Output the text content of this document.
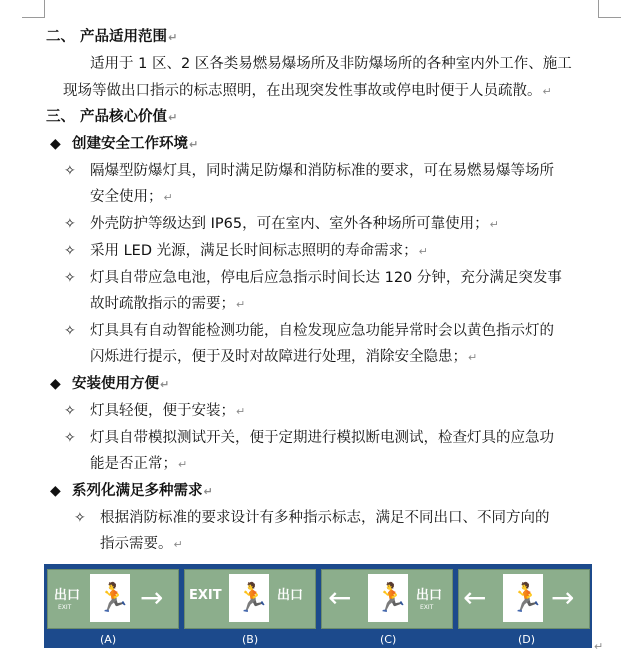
二、 产品适用范围↵
适用于 1 区、2 区各类易燃易爆场所及非防爆场所的各种室内外工作、施工
现场等做出口指示的标志照明，在出现突发性事故或停电时便于人员疏散。↵
三、 产品核心价值↵
◆ 创建安全工作环境↵
✧ 隔爆型防爆灯具，同时满足防爆和消防标准的要求，可在易燃易爆等场所
安全使用；↵
✧ 外壳防护等级达到 IP65，可在室内、室外各种场所可靠使用；↵
✧ 采用 LED 光源，满足长时间标志照明的寿命需求；↵
✧ 灯具自带应急电池，停电后应急指示时间长达 120 分钟，充分满足突发事
故时疏散指示的需要；↵
✧ 灯具具有自动智能检测功能，自检发现应急功能异常时会以黄色指示灯的
闪烁进行提示，便于及时对故障进行处理，消除安全隐患；↵
◆ 安装使用方便↵
✧ 灯具轻便，便于安装；↵
✧ 灯具自带模拟测试开关，便于定期进行模拟断电测试，检查灯具的应急功
能是否正常；↵
◆ 系列化满足多种需求↵
✧ 根据消防标准的要求设计有多种指示标志，满足不同出口、不同方向的
指示需要。↵
出口
EXIT 🏃 → EXIT 🏃 出口 ← 🏃 出口
EXIT ← 🏃 →
(A)	(B)	(C)	(D)
↵
